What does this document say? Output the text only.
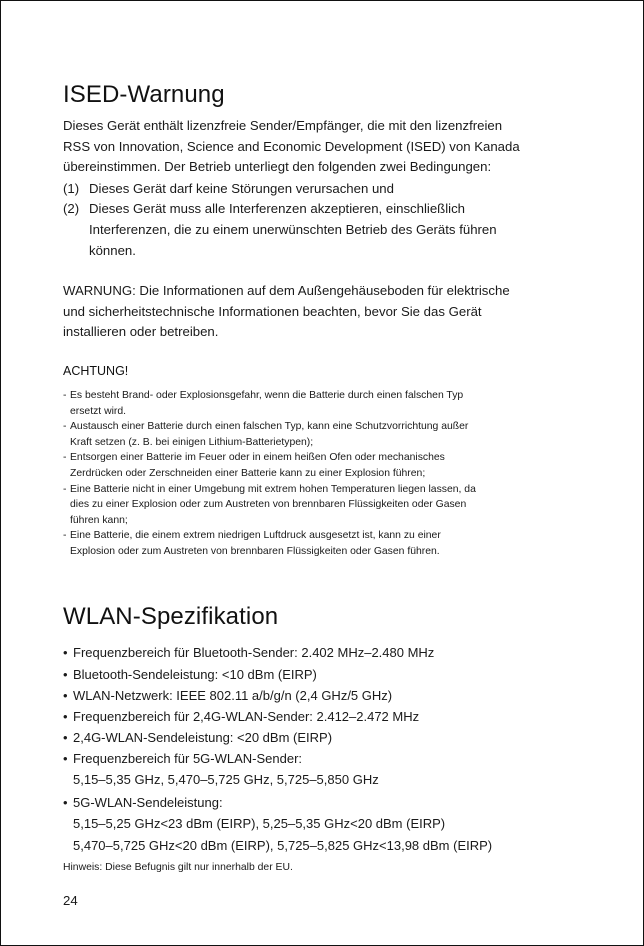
ISED-Warnung
Dieses Gerät enthält lizenzfreie Sender/Empfänger, die mit den lizenzfreien
RSS von Innovation, Science and Economic Development (ISED) von Kanada
übereinstimmen. Der Betrieb unterliegt den folgenden zwei Bedingungen:
(1) Dieses Gerät darf keine Störungen verursachen und
(2) Dieses Gerät muss alle Interferenzen akzeptieren, einschließlich
Interferenzen, die zu einem unerwünschten Betrieb des Geräts führen
können.
WARNUNG: Die Informationen auf dem Außengehäuseboden für elektrische
und sicherheitstechnische Informationen beachten, bevor Sie das Gerät
installieren oder betreiben.
ACHTUNG!
- Es besteht Brand- oder Explosionsgefahr, wenn die Batterie durch einen falschen Typ
ersetzt wird.
- Austausch einer Batterie durch einen falschen Typ, kann eine Schutzvorrichtung außer
Kraft setzen (z. B. bei einigen Lithium-Batterietypen);
- Entsorgen einer Batterie im Feuer oder in einem heißen Ofen oder mechanisches
Zerdrücken oder Zerschneiden einer Batterie kann zu einer Explosion führen;
- Eine Batterie nicht in einer Umgebung mit extrem hohen Temperaturen liegen lassen, da
dies zu einer Explosion oder zum Austreten von brennbaren Flüssigkeiten oder Gasen
führen kann;
- Eine Batterie, die einem extrem niedrigen Luftdruck ausgesetzt ist, kann zu einer
Explosion oder zum Austreten von brennbaren Flüssigkeiten oder Gasen führen.
WLAN-Spezifikation
• Frequenzbereich für Bluetooth-Sender: 2.402 MHz–2.480 MHz
• Bluetooth-Sendeleistung: <10 dBm (EIRP)
• WLAN-Netzwerk: IEEE 802.11 a/b/g/n (2,4 GHz/5 GHz)
• Frequenzbereich für 2,4G-WLAN-Sender: 2.412–2.472 MHz
• 2,4G-WLAN-Sendeleistung: <20 dBm (EIRP)
• Frequenzbereich für 5G-WLAN-Sender:
5,15–5,35 GHz, 5,470–5,725 GHz, 5,725–5,850 GHz
• 5G-WLAN-Sendeleistung:
5,15–5,25 GHz<23 dBm (EIRP), 5,25–5,35 GHz<20 dBm (EIRP)
5,470–5,725 GHz<20 dBm (EIRP), 5,725–5,825 GHz<13,98 dBm (EIRP)
Hinweis: Diese Befugnis gilt nur innerhalb der EU.
24
